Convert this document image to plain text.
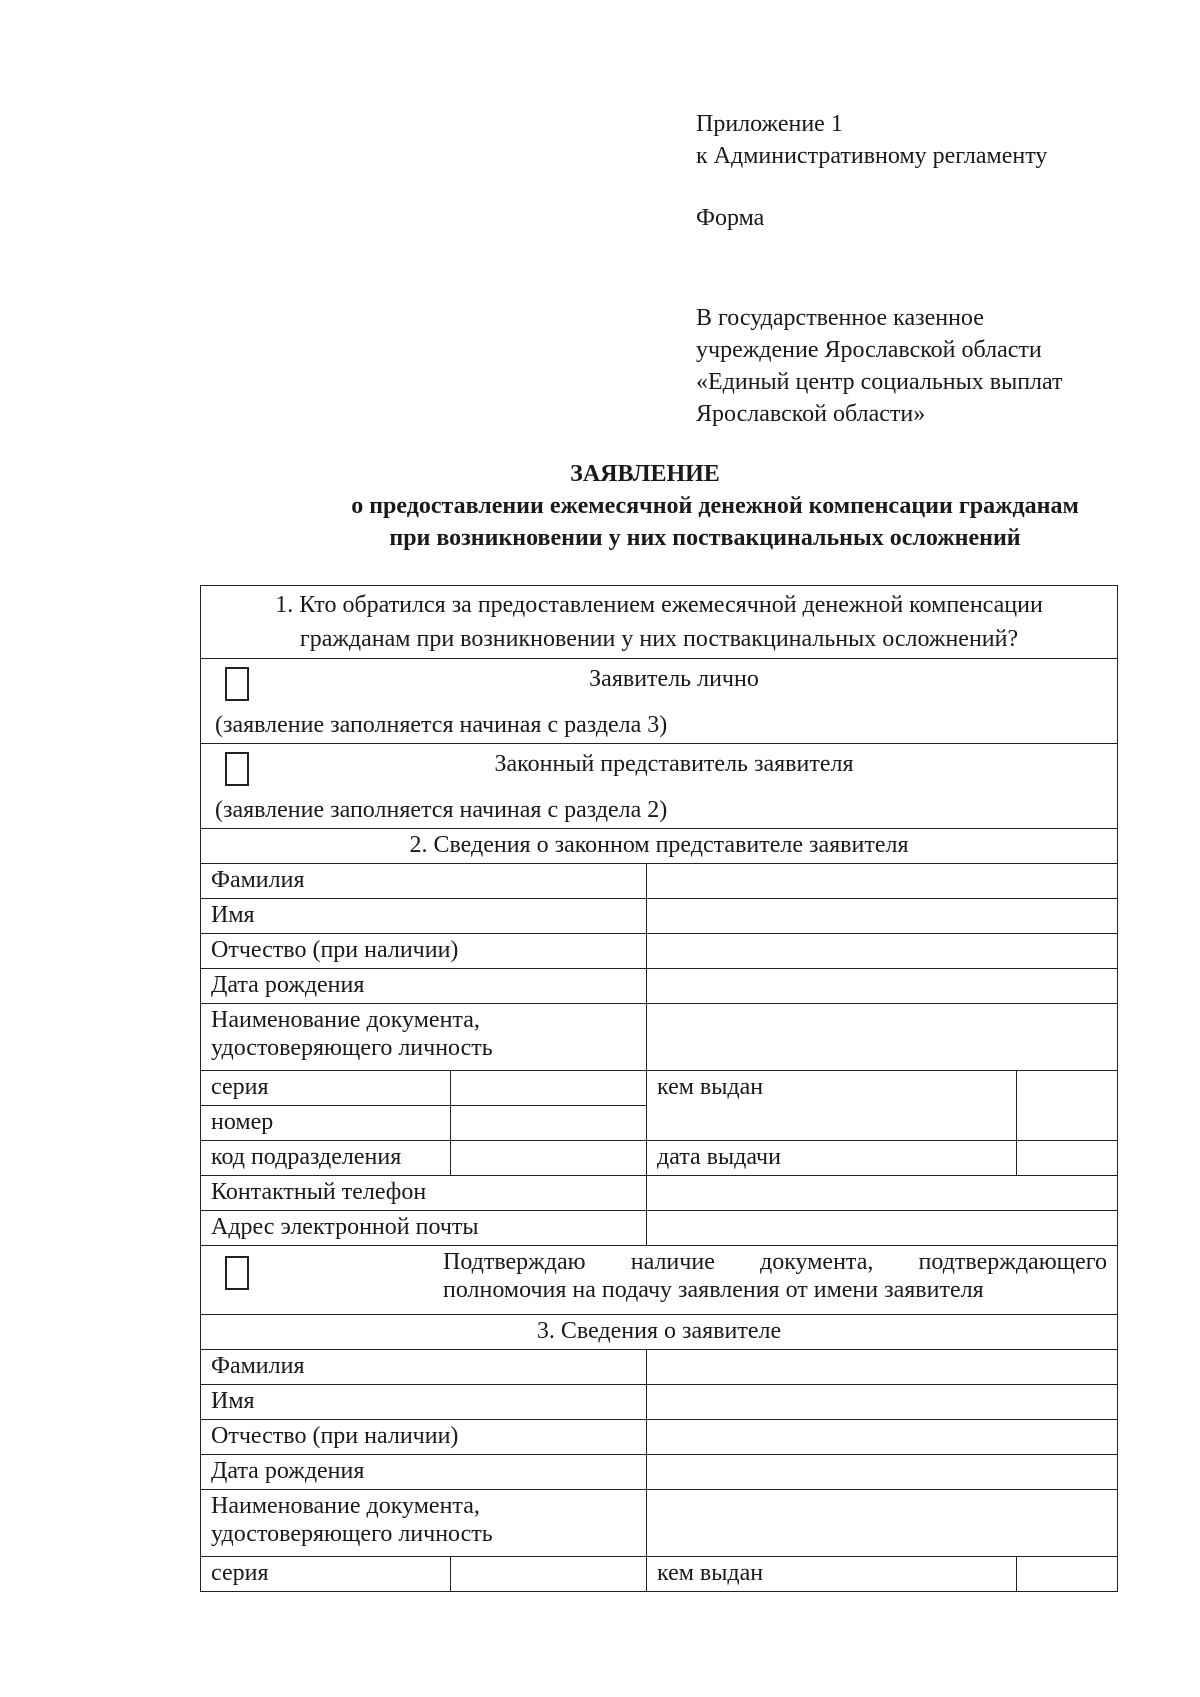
Приложение 1
к Административному регламенту
Форма
В государственное казенное
учреждение Ярославской области
«Единый центр социальных выплат
Ярославской области»
ЗАЯВЛЕНИЕ
о предоставлении ежемесячной денежной компенсации гражданам
при возникновении у них поствакцинальных осложнений
1. Кто обратился за предоставлением ежемесячной денежной компенсации
гражданам при возникновении у них поствакцинальных осложнений?			

Заявитель лично
(заявление заполняется начиная с раздела 3)			

Законный представитель заявителя
(заявление заполняется начиная с раздела 2)			

2. Сведения о законном представителе заявителя			
Фамилия			
Имя			
Отчество (при наличии)			
Дата рождения			

Наименование документа,
удостоверяющего личность			

серия		кем выдан	
номер			
код подразделения		дата выдачи	
Контактный телефон			
Адрес электронной почты			

Подтверждаю наличие документа, подтверждающего
полномочия на подачу заявления от имени заявителя			

3. Сведения о заявителе			
Фамилия			
Имя			
Отчество (при наличии)			
Дата рождения			

Наименование документа,
удостоверяющего личность			

серия		кем выдан	
